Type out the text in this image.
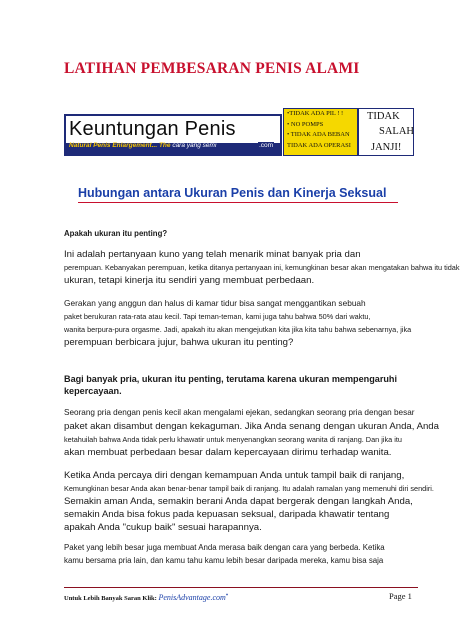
LATIHAN PEMBESARAN PENIS ALAMI
Keuntungan Penis
Natural Penis Enlargement... The cara yang semi	.com
•TIDAK ADA PIL ! !
• NO POMPS
• TIDAK ADA BEBAN
TIDAK ADA OPERASI
TIDAK
SALAH
JANJI!
Hubungan antara Ukuran Penis dan Kinerja Seksual
Apakah ukuran itu penting?
Ini adalah pertanyaan kuno yang telah menarik minat banyak pria dan
perempuan. Kebanyakan perempuan, ketika ditanya pertanyaan ini, kemungkinan besar akan mengatakan bahwa itu tidak
ukuran, tetapi kinerja itu sendiri yang membuat perbedaan.
Gerakan yang anggun dan halus di kamar tidur bisa sangat menggantikan sebuah
paket berukuran rata-rata atau kecil. Tapi teman-teman, kami juga tahu bahwa 50% dari waktu,
wanita berpura-pura orgasme. Jadi, apakah itu akan mengejutkan kita jika kita tahu bahwa sebenarnya, jika
perempuan berbicara jujur, bahwa ukuran itu penting?
Bagi banyak pria, ukuran itu penting, terutama karena ukuran mempengaruhi
kepercayaan.
Seorang pria dengan penis kecil akan mengalami ejekan, sedangkan seorang pria dengan besar
paket akan disambut dengan kekaguman. Jika Anda senang dengan ukuran Anda, Anda
ketahuilah bahwa Anda tidak perlu khawatir untuk menyenangkan seorang wanita di ranjang. Dan jika itu
akan membuat perbedaan besar dalam kepercayaan dirimu terhadap wanita.
Ketika Anda percaya diri dengan kemampuan Anda untuk tampil baik di ranjang,
Kemungkinan besar Anda akan benar-benar tampil baik di ranjang. Itu adalah ramalan yang memenuhi diri sendiri.
Semakin aman Anda, semakin berani Anda dapat bergerak dengan langkah Anda,
semakin Anda bisa fokus pada kepuasan seksual, daripada khawatir tentang
apakah Anda "cukup baik" sesuai harapannya.
Paket yang lebih besar juga membuat Anda merasa baik dengan cara yang berbeda. Ketika
kamu bersama pria lain, dan kamu tahu kamu lebih besar daripada mereka, kamu bisa saja
Untuk Lebih Banyak Saran Klik: PenisAdvantage.com*	Page 1
